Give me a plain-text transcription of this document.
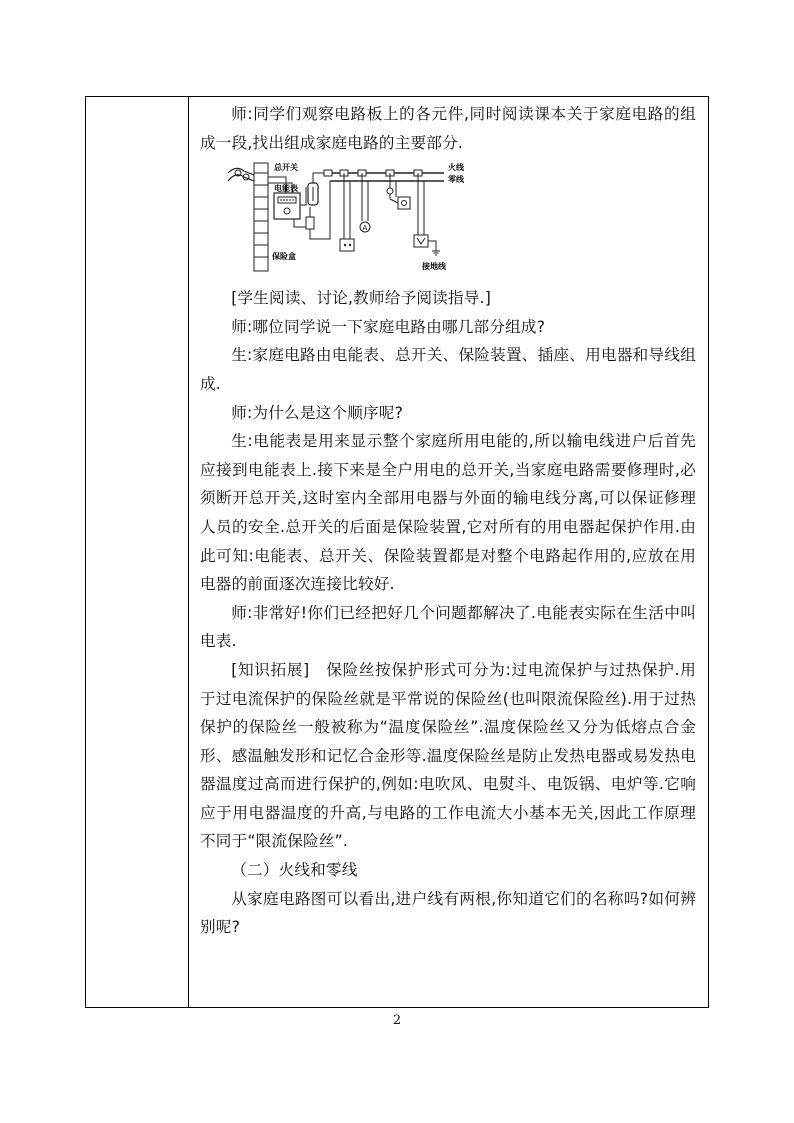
师:同学们观察电路板上的各元件,同时阅读课本关于家庭电路的组成一段,找出组成家庭电路的主要部分.

A
总开关
电能表
保险盒
火线
零线
接地线

[学生阅读、讨论,教师给予阅读指导.]

师:哪位同学说一下家庭电路由哪几部分组成?

生:家庭电路由电能表、总开关、保险装置、插座、用电器和导线组成.

师:为什么是这个顺序呢?

生:电能表是用来显示整个家庭所用电能的,所以输电线进户后首先应接到电能表上.接下来是全户用电的总开关,当家庭电路需要修理时,必须断开总开关,这时室内全部用电器与外面的输电线分离,可以保证修理人员的安全.总开关的后面是保险装置,它对所有的用电器起保护作用.由此可知:电能表、总开关、保险装置都是对整个电路起作用的,应放在用电器的前面逐次连接比较好.

师:非常好!你们已经把好几个问题都解决了.电能表实际在生活中叫电表.

[知识拓展]　保险丝按保护形式可分为:过电流保护与过热保护.用于过电流保护的保险丝就是平常说的保险丝(也叫限流保险丝).用于过热保护的保险丝一般被称为“温度保险丝”.温度保险丝又分为低熔点合金形、感温触发形和记忆合金形等.温度保险丝是防止发热电器或易发热电器温度过高而进行保护的,例如:电吹风、电熨斗、电饭锅、电炉等.它响应于用电器温度的升高,与电路的工作电流大小基本无关,因此工作原理不同于“限流保险丝”.

（二）火线和零线

从家庭电路图可以看出,进户线有两根,你知道它们的名称吗?如何辨别呢?

2
